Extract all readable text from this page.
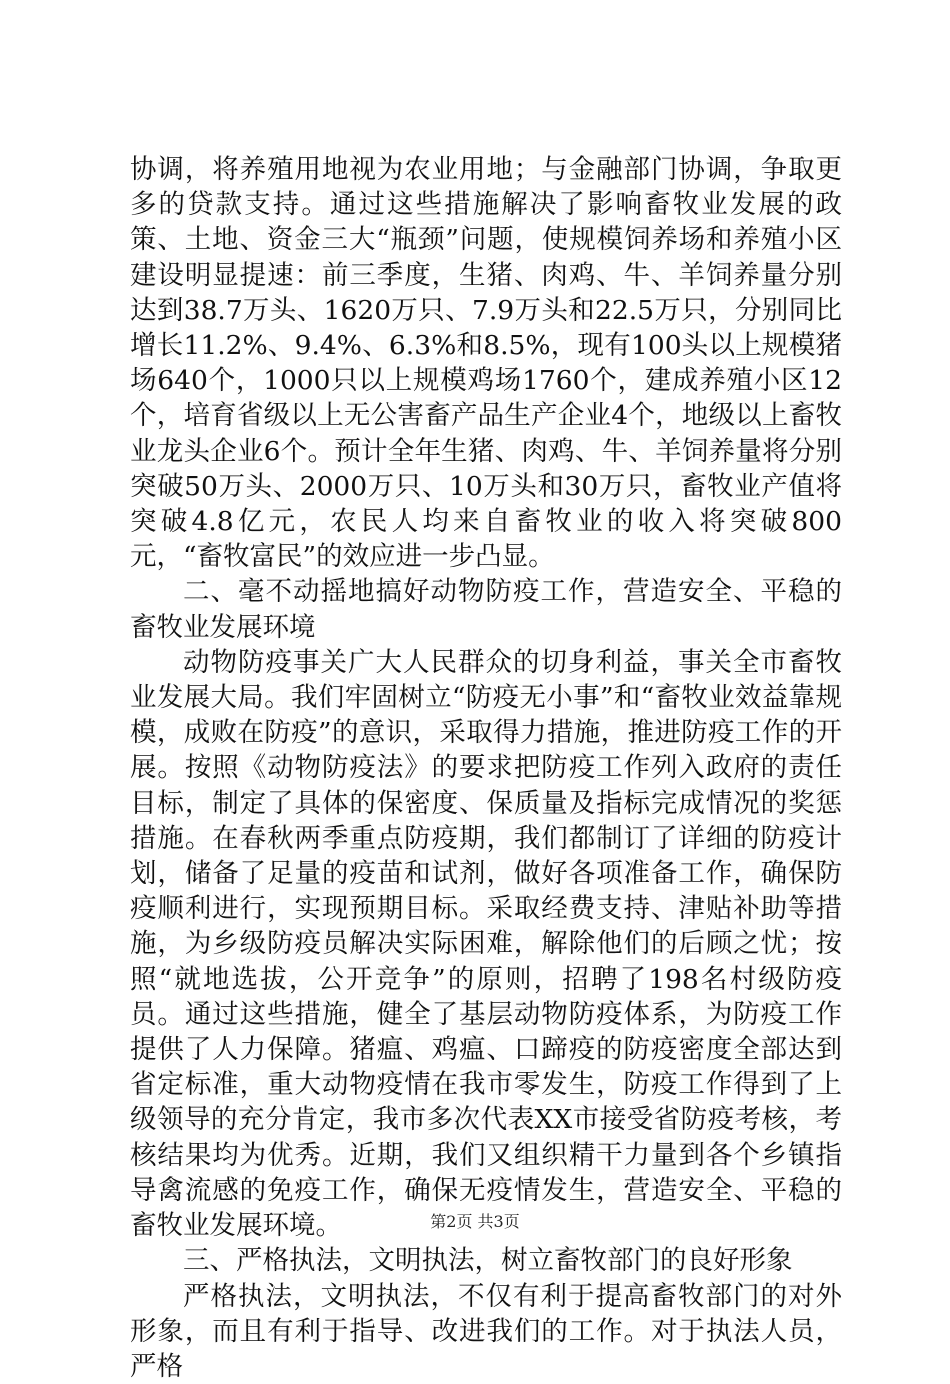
协调，将养殖用地视为农业用地；与金融部门协调，争取更多的贷款支持。通过这些措施解决了影响畜牧业发展的政策、土地、资金三大“瓶颈”问题，使规模饲养场和养殖小区建设明显提速：前三季度，生猪、肉鸡、牛、羊饲养量分别达到38.7万头、1620万只、7.9万头和22.5万只，分别同比增长11.2%、9.4%、6.3%和8.5%，现有100头以上规模猪场640个，1000只以上规模鸡场1760个，建成养殖小区12个，培育省级以上无公害畜产品生产企业4个，地级以上畜牧业龙头企业6个。预计全年生猪、肉鸡、牛、羊饲养量将分别突破50万头、2000万只、10万头和30万只，畜牧业产值将突破4.8亿元，农民人均来自畜牧业的收入将突破800元，“畜牧富民”的效应进一步凸显。

二、毫不动摇地搞好动物防疫工作，营造安全、平稳的畜牧业发展环境

动物防疫事关广大人民群众的切身利益，事关全市畜牧业发展大局。我们牢固树立“防疫无小事”和“畜牧业效益靠规模，成败在防疫”的意识，采取得力措施，推进防疫工作的开展。按照《动物防疫法》的要求把防疫工作列入政府的责任目标，制定了具体的保密度、保质量及指标完成情况的奖惩措施。在春秋两季重点防疫期，我们都制订了详细的防疫计划，储备了足量的疫苗和试剂，做好各项准备工作，确保防疫顺利进行，实现预期目标。采取经费支持、津贴补助等措施，为乡级防疫员解决实际困难，解除他们的后顾之忧；按照“就地选拔，公开竞争”的原则，招聘了198名村级防疫员。通过这些措施，健全了基层动物防疫体系，为防疫工作提供了人力保障。猪瘟、鸡瘟、口蹄疫的防疫密度全部达到省定标准，重大动物疫情在我市零发生，防疫工作得到了上级领导的充分肯定，我市多次代表XX市接受省防疫考核，考核结果均为优秀。近期，我们又组织精干力量到各个乡镇指导禽流感的免疫工作，确保无疫情发生，营造安全、平稳的畜牧业发展环境。

三、严格执法，文明执法，树立畜牧部门的良好形象

严格执法，文明执法，不仅有利于提高畜牧部门的对外形象，而且有利于指导、改进我们的工作。对于执法人员，严格

第2页 共3页
